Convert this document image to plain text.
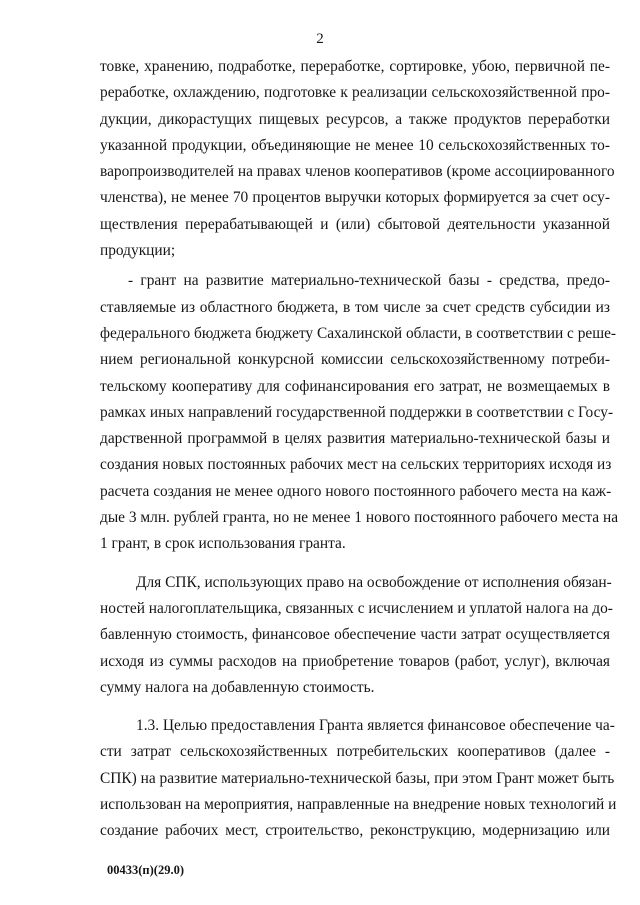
2
товке, хранению, подработке, переработке, сортировке, убою, первичной пе-
реработке, охлаждению, подготовке к реализации сельскохозяйственной про-
дукции, дикорастущих пищевых ресурсов, а также продуктов переработки
указанной продукции, объединяющие не менее 10 сельскохозяйственных то-
варопроизводителей на правах членов кооперативов (кроме ассоциированного
членства), не менее 70 процентов выручки которых формируется за счет осу-
ществления перерабатывающей и (или) сбытовой деятельности указанной
продукции;
- грант на развитие материально-технической базы - средства, предо-
ставляемые из областного бюджета, в том числе за счет средств субсидии из
федерального бюджета бюджету Сахалинской области, в соответствии с реше-
нием региональной конкурсной комиссии сельскохозяйственному потреби-
тельскому кооперативу для софинансирования его затрат, не возмещаемых в
рамках иных направлений государственной поддержки в соответствии с Госу-
дарственной программой в целях развития материально-технической базы и
создания новых постоянных рабочих мест на сельских территориях исходя из
расчета создания не менее одного нового постоянного рабочего места на каж-
дые 3 млн. рублей гранта, но не менее 1 нового постоянного рабочего места на
1 грант, в срок использования гранта.
Для СПК, использующих право на освобождение от исполнения обязан-
ностей налогоплательщика, связанных с исчислением и уплатой налога на до-
бавленную стоимость, финансовое обеспечение части затрат осуществляется
исходя из суммы расходов на приобретение товаров (работ, услуг), включая
сумму налога на добавленную стоимость.
1.3. Целью предоставления Гранта является финансовое обеспечение ча-
сти затрат сельскохозяйственных потребительских кооперативов (далее -
СПК) на развитие материально-технической базы, при этом Грант может быть
использован на мероприятия, направленные на внедрение новых технологий и
создание рабочих мест, строительство, реконструкцию, модернизацию или
00433(п)(29.0)
